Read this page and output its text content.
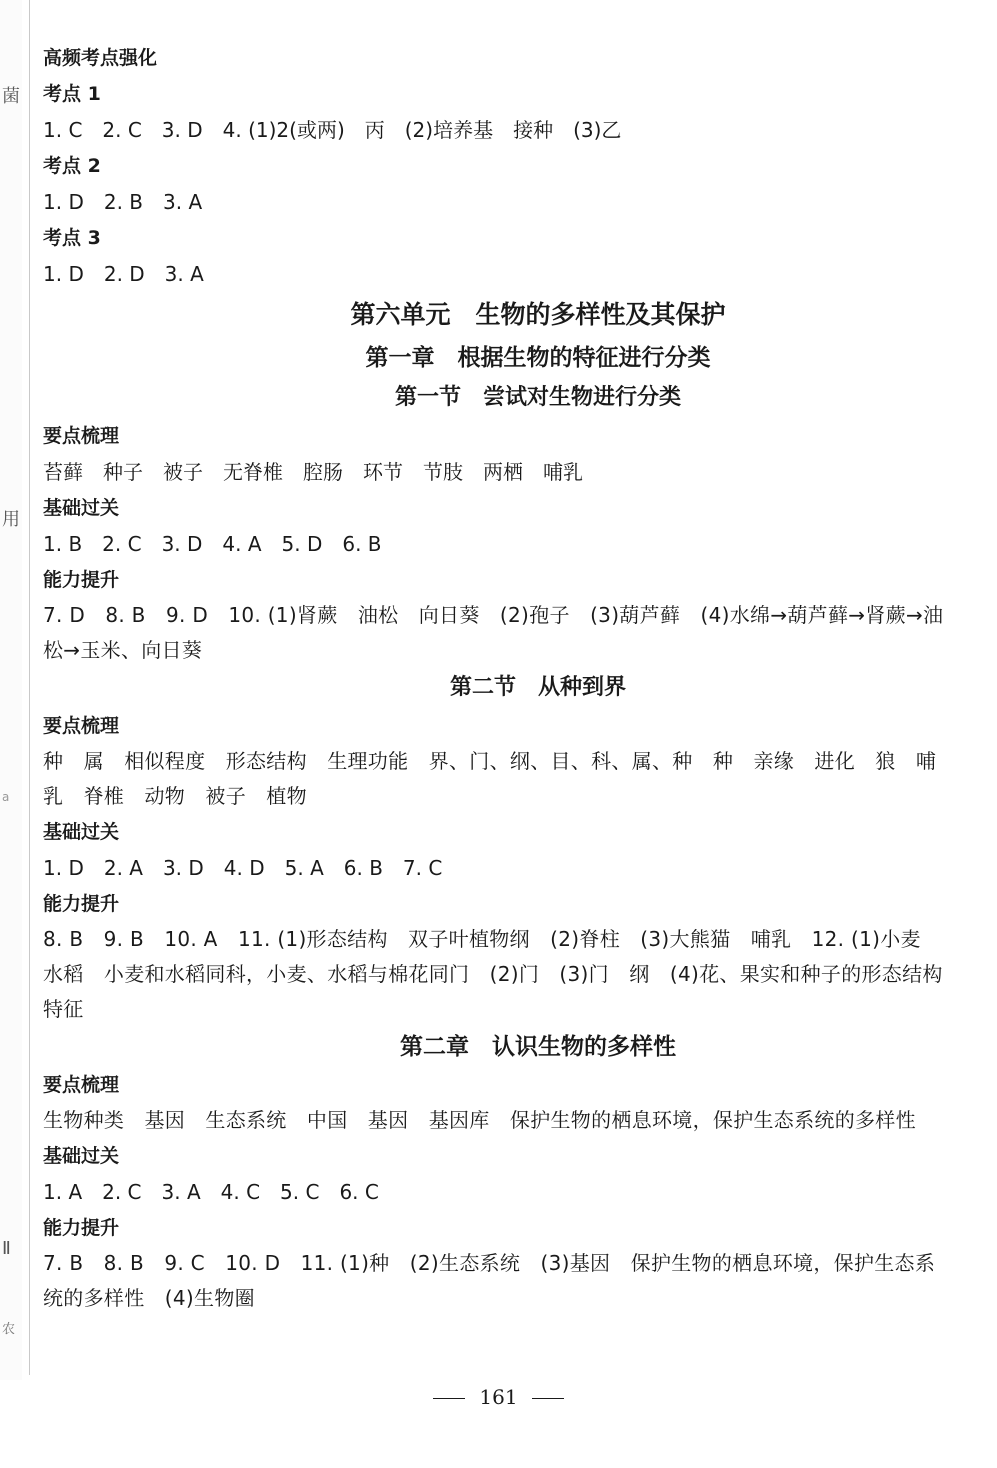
菌
用
a
Ⅱ
农
高频考点强化
考点 1
1. C　2. C　3. D　4. (1)2(或两)　丙　(2)培养基　接种　(3)乙
考点 2
1. D　2. B　3. A
考点 3
1. D　2. D　3. A
第六单元　生物的多样性及其保护
第一章　根据生物的特征进行分类
第一节　尝试对生物进行分类
要点梳理
苔藓　种子　被子　无脊椎　腔肠　环节　节肢　两栖　哺乳
基础过关
1. B　2. C　3. D　4. A　5. D　6. B
能力提升
7. D　8. B　9. D　10. (1)肾蕨　油松　向日葵　(2)孢子　(3)葫芦藓　(4)水绵→葫芦藓→肾蕨→油松→玉米、向日葵
第二节　从种到界
要点梳理
种　属　相似程度　形态结构　生理功能　界、门、纲、目、科、属、种　种　亲缘　进化　狼　哺乳　脊椎　动物　被子　植物
基础过关
1. D　2. A　3. D　4. D　5. A　6. B　7. C
能力提升
8. B　9. B　10. A　11. (1)形态结构　双子叶植物纲　(2)脊柱　(3)大熊猫　哺乳　12. (1)小麦　水稻　小麦和水稻同科，小麦、水稻与棉花同门　(2)门　(3)门　纲　(4)花、果实和种子的形态结构特征
第二章　认识生物的多样性
要点梳理
生物种类　基因　生态系统　中国　基因　基因库　保护生物的栖息环境，保护生态系统的多样性
基础过关
1. A　2. C　3. A　4. C　5. C　6. C
能力提升
7. B　8. B　9. C　10. D　11. (1)种　(2)生态系统　(3)基因　保护生物的栖息环境，保护生态系统的多样性　(4)生物圈
161
